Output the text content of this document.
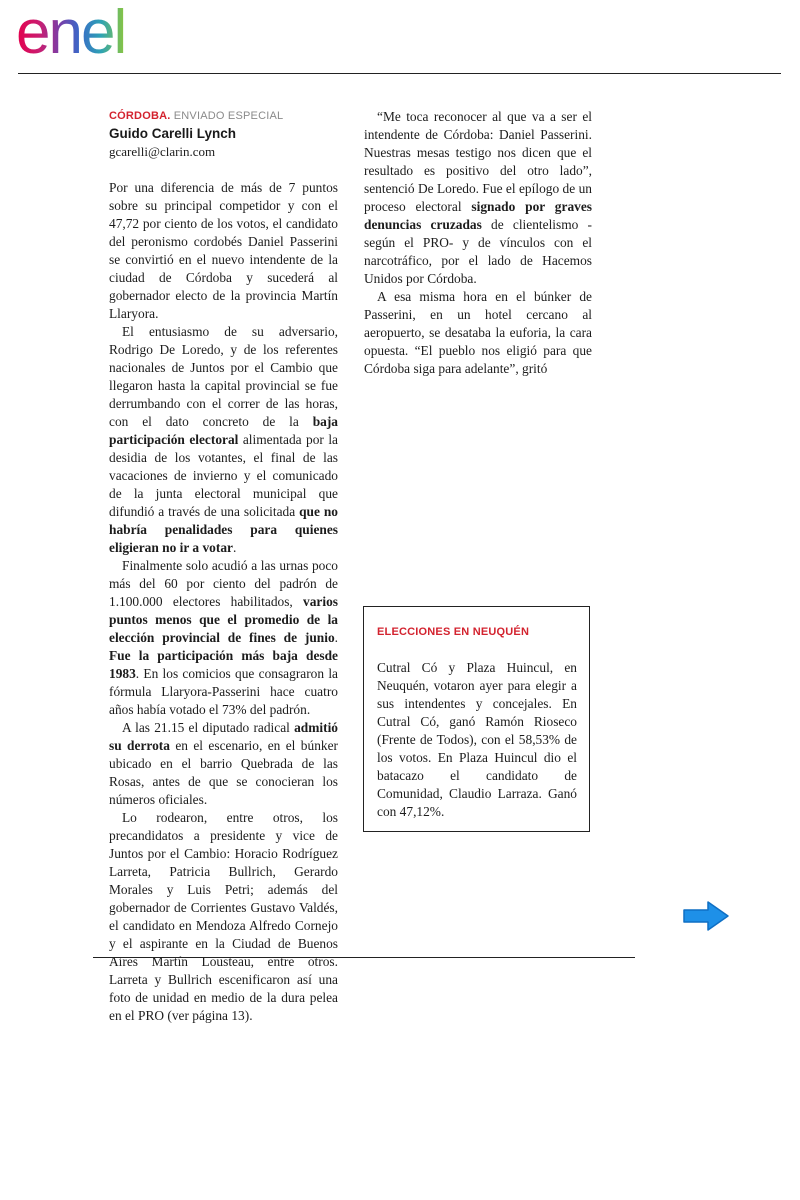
enel
CÓRDOBA. ENVIADO ESPECIAL
Guido Carelli Lynch
gcarelli@clarin.com

Por una diferencia de más de 7 puntos sobre su principal competidor y con el 47,72 por ciento de los votos, el candidato del peronismo cordobés Daniel Passerini se convirtió en el nuevo intendente de la ciudad de Córdoba y sucederá al gobernador electo de la provincia Martín Llaryora.

El entusiasmo de su adversario, Rodrigo De Loredo, y de los referentes nacionales de Juntos por el Cambio que llegaron hasta la capital provincial se fue derrumbando con el correr de las horas, con el dato concreto de la baja participación electoral alimentada por la desidia de los votantes, el final de las vacaciones de invierno y el comunicado de la junta electoral municipal que difundió a través de una solicitada que no habría penalidades para quienes eligieran no ir a votar.

Finalmente solo acudió a las urnas poco más del 60 por ciento del padrón de 1.100.000 electores habilitados, varios puntos menos que el promedio de la elección provincial de fines de junio. Fue la participación más baja desde 1983. En los comicios que consagraron la fórmula Llaryora-Passerini hace cuatro años había votado el 73% del padrón.

A las 21.15 el diputado radical admitió su derrota en el escenario, en el búnker ubicado en el barrio Quebrada de las Rosas, antes de que se conocieran los números oficiales.

Lo rodearon, entre otros, los precandidatos a presidente y vice de Juntos por el Cambio: Horacio Rodríguez Larreta, Patricia Bullrich, Gerardo Morales y Luis Petri; además del gobernador de Corrientes Gustavo Valdés, el candidato en Mendoza Alfredo Cornejo y el aspirante en la Ciudad de Buenos Aires Martín Lousteau, entre otros. Larreta y Bullrich escenificaron así una foto de unidad en medio de la dura pelea en el PRO (ver página 13).

“Me toca reconocer al que va a ser el intendente de Córdoba: Daniel Passerini. Nuestras mesas testigo nos dicen que el resultado es positivo del otro lado”, sentenció De Loredo. Fue el epílogo de un proceso electoral signado por graves denuncias cruzadas de clientelismo -según el PRO- y de vínculos con el narcotráfico, por el lado de Hacemos Unidos por Córdoba.

A esa misma hora en el búnker de Passerini, en un hotel cercano al aeropuerto, se desataba la euforia, la cara opuesta. “El pueblo nos eligió para que Córdoba siga para adelante”, gritó

ELECCIONES EN NEUQUÉN
Cutral Có y Plaza Huincul, en Neuquén, votaron ayer para elegir a sus intendentes y concejales. En Cutral Có, ganó Ramón Rioseco (Frente de Todos), con el 58,53% de los votos. En Plaza Huincul dio el batacazo el candidato de Comunidad, Claudio Larraza. Ganó con 47,12%.
